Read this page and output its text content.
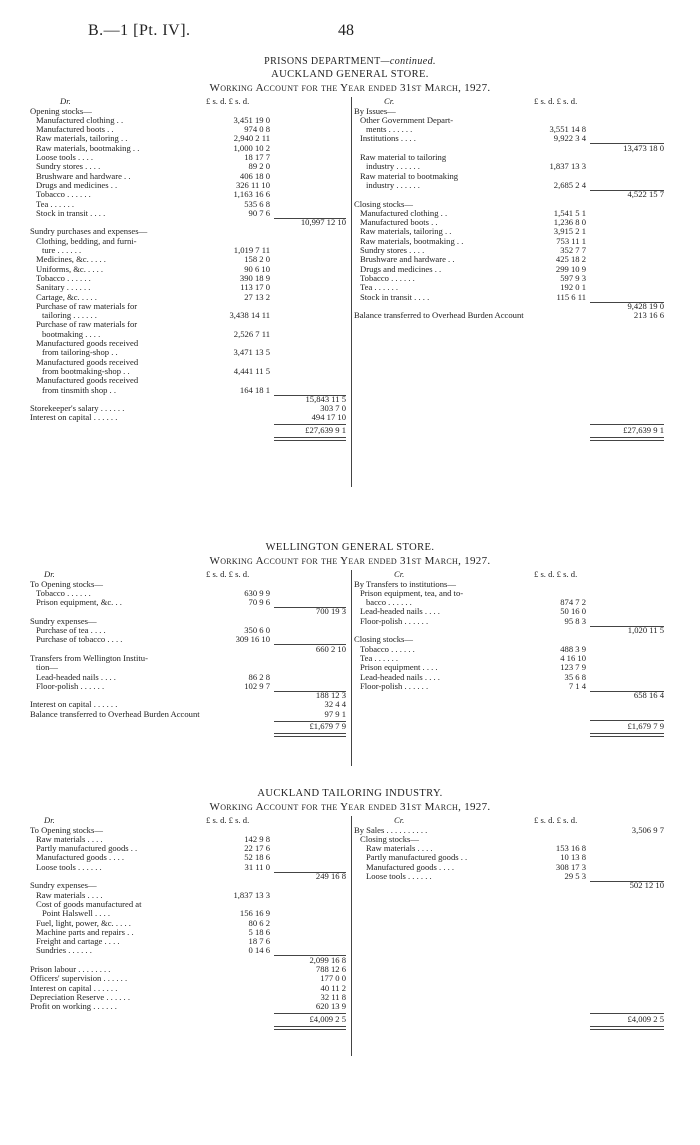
B.—1 [Pt. IV].	48
PRISONS DEPARTMENT—continued.
AUCKLAND GENERAL STORE.
Working Account for the Year ended 31st March, 1927.
Dr.	£ s. d. £ s. d.
Opening stocks—
Manufactured clothing . .	3,451 19 0
Manufactured boots . .	974 0 8
Raw materials, tailoring . .	2,940 2 11
Raw materials, bootmaking . .	1,000 10 2
Loose tools . . . .	18 17 7
Sundry stores . . . .	89 2 0
Brushware and hardware . .	406 18 0
Drugs and medicines . .	326 11 10
Tobacco . . . . . .	1,163 16 6
Tea . . . . . .	535 6 8
Stock in transit . . . .	90 7 6
10,997 12 10
Sundry purchases and expenses—
Clothing, bedding, and furni-
ture . . . . . .	1,019 7 11
Medicines, &c. . . . .	158 2 0
Uniforms, &c. . . . .	90 6 10
Tobacco . . . . . .	390 18 9
Sanitary . . . . . .	113 17 0
Cartage, &c. . . . .	27 13 2
Purchase of raw materials for
tailoring . . . . . .	3,438 14 11
Purchase of raw materials for
bootmaking . . . .	2,526 7 11
Manufactured goods received
from tailoring-shop . .	3,471 13 5
Manufactured goods received
from bootmaking-shop . .	4,441 11 5
Manufactured goods received
from tinsmith shop . .	164 18 1
15,843 11 5
Storekeeper's salary . . . . . .	303 7 0
Interest on capital . . . . . .	494 17 10
£27,639 9 1
Cr.	£ s. d. £ s. d.
By Issues—
Other Government Depart-
ments . . . . . .	3,551 14 8
Institutions . . . .	9,922 3 4
13,473 18 0
Raw material to tailoring
industry . . . . . .	1,837 13 3
Raw material to bootmaking
industry . . . . . .	2,685 2 4
4,522 15 7
Closing stocks—
Manufactured clothing . .	1,541 5 1
Manufactured boots . .	1,236 8 0
Raw materials, tailoring . .	3,915 2 1
Raw materials, bootmaking . .	753 11 1
Sundry stores . . . .	352 7 7
Brushware and hardware . .	425 18 2
Drugs and medicines . .	299 10 9
Tobacco . . . . . .	597 9 3
Tea . . . . . .	192 0 1
Stock in transit . . . .	115 6 11
9,428 19 0
Balance transferred to Overhead Burden Account	213 16 6
£27,639 9 1
WELLINGTON GENERAL STORE.
Working Account for the Year ended 31st March, 1927.
Dr.	£ s. d. £ s. d.
To Opening stocks—
Tobacco . . . . . .	630 9 9
Prison equipment, &c. . .	70 9 6
700 19 3
Sundry expenses—
Purchase of tea . . . .	350 6 0
Purchase of tobacco . . . .	309 16 10
660 2 10
Transfers from Wellington Institu-
tion—
Lead-headed nails . . . .	86 2 8
Floor-polish . . . . . .	102 9 7
188 12 3
Interest on capital . . . . . .	32 4 4
Balance transferred to Overhead Burden Account	97 9 1
£1,679 7 9
Cr.	£ s. d. £ s. d.
By Transfers to institutions—
Prison equipment, tea, and to-
bacco . . . . . .	874 7 2
Lead-headed nails . . . .	50 16 0
Floor-polish . . . . . .	95 8 3
1,020 11 5
Closing stocks—
Tobacco . . . . . .	488 3 9
Tea . . . . . .	4 16 10
Prison equipment . . . .	123 7 9
Lead-headed nails . . . .	35 6 8
Floor-polish . . . . . .	7 1 4
658 16 4
£1,679 7 9
AUCKLAND TAILORING INDUSTRY.
Working Account for the Year ended 31st March, 1927.
Dr.	£ s. d. £ s. d.
To Opening stocks—
Raw materials . . . .	142 9 8
Partly manufactured goods . .	22 17 6
Manufactured goods . . . .	52 18 6
Loose tools . . . . . .	31 11 0
249 16 8
Sundry expenses—
Raw materials . . . .	1,837 13 3
Cost of goods manufactured at
Point Halswell . . . .	156 16 9
Fuel, light, power, &c. . . . .	80 6 2
Machine parts and repairs . .	5 18 6
Freight and cartage . . . .	18 7 6
Sundries . . . . . .	0 14 6
2,099 16 8
Prison labour . . . . . . . .	788 12 6
Officers' supervision . . . . . .	177 0 0
Interest on capital . . . . . .	40 11 2
Depreciation Reserve . . . . . .	32 11 8
Profit on working . . . . . .	620 13 9
£4,009 2 5
Cr.	£ s. d. £ s. d.
By Sales . . . . . . . . . .	3,506 9 7
Closing stocks—
Raw materials . . . .	153 16 8
Partly manufactured goods . .	10 13 8
Manufactured goods . . . .	308 17 3
Loose tools . . . . . .	29 5 3
502 12 10
£4,009 2 5
